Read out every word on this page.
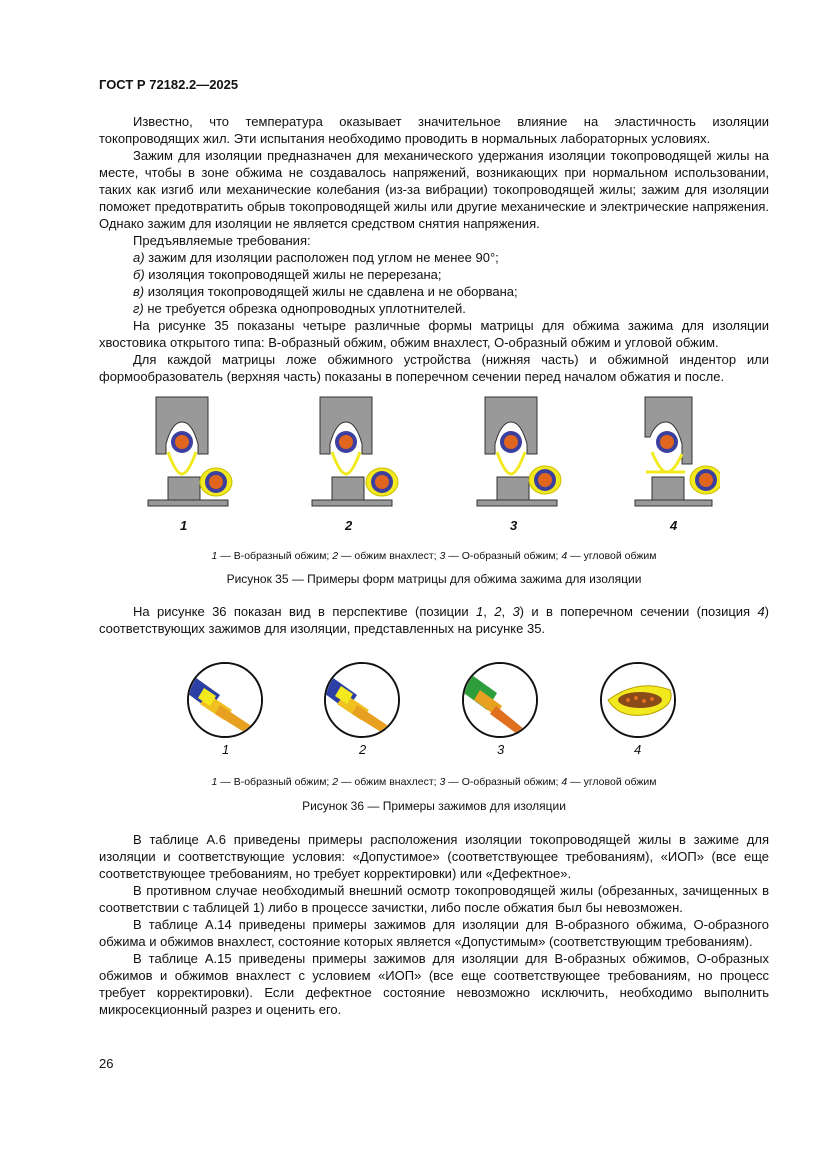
ГОСТ Р 72182.2—2025

Известно, что температура оказывает значительное влияние на эластичность изоляции токопроводящих жил. Эти испытания необходимо проводить в нормальных лабораторных условиях.

Зажим для изоляции предназначен для механического удержания изоляции токопроводящей жилы на месте, чтобы в зоне обжима не создавалось напряжений, возникающих при нормальном использовании, таких как изгиб или механические колебания (из-за вибрации) токопроводящей жилы; зажим для изоляции поможет предотвратить обрыв токопроводящей жилы или другие механические и электрические напряжения. Однако зажим для изоляции не является средством снятия напряжения.

Предъявляемые требования:

а) зажим для изоляции расположен под углом не менее 90°;

б) изоляция токопроводящей жилы не перерезана;

в) изоляция токопроводящей жилы не сдавлена и не оборвана;

г) не требуется обрезка однопроводных уплотнителей.

На рисунке 35 показаны четыре различные формы матрицы для обжима зажима для изоляции хвостовика открытого типа: В-образный обжим, обжим внахлест, О-образный обжим и угловой обжим.

Для каждой матрицы ложе обжимного устройства (нижняя часть) и обжимной индентор или формообразователь (верхняя часть) показаны в поперечном сечении перед началом обжатия и после.

1	2	3	4
1 — В-образный обжим; 2 — обжим внахлест; 3 — О-образный обжим; 4 — угловой обжим
Рисунок 35 — Примеры форм матрицы для обжима зажима для изоляции

На рисунке 36 показан вид в перспективе (позиции 1, 2, 3) и в поперечном сечении (позиция 4) соответствующих зажимов для изоляции, представленных на рисунке 35.

1	2	3	4
1 — В-образный обжим; 2 — обжим внахлест; 3 — О-образный обжим; 4 — угловой обжим
Рисунок 36 — Примеры зажимов для изоляции

В таблице А.6 приведены примеры расположения изоляции токопроводящей жилы в зажиме для изоляции и соответствующие условия: «Допустимое» (соответствующее требованиям), «ИОП» (все еще соответствующее требованиям, но требует корректировки) или «Дефектное».

В противном случае необходимый внешний осмотр токопроводящей жилы (обрезанных, зачищенных в соответствии с таблицей 1) либо в процессе зачистки, либо после обжатия был бы невозможен.

В таблице А.14 приведены примеры зажимов для изоляции для В-образного обжима, О-образного обжима и обжимов внахлест, состояние которых является «Допустимым» (соответствующим требованиям).

В таблице А.15 приведены примеры зажимов для изоляции для В-образных обжимов, О-образных обжимов и обжимов внахлест с условием «ИОП» (все еще соответствующее требованиям, но процесс требует корректировки). Если дефектное состояние невозможно исключить, необходимо выполнить микросекционный разрез и оценить его.

26
